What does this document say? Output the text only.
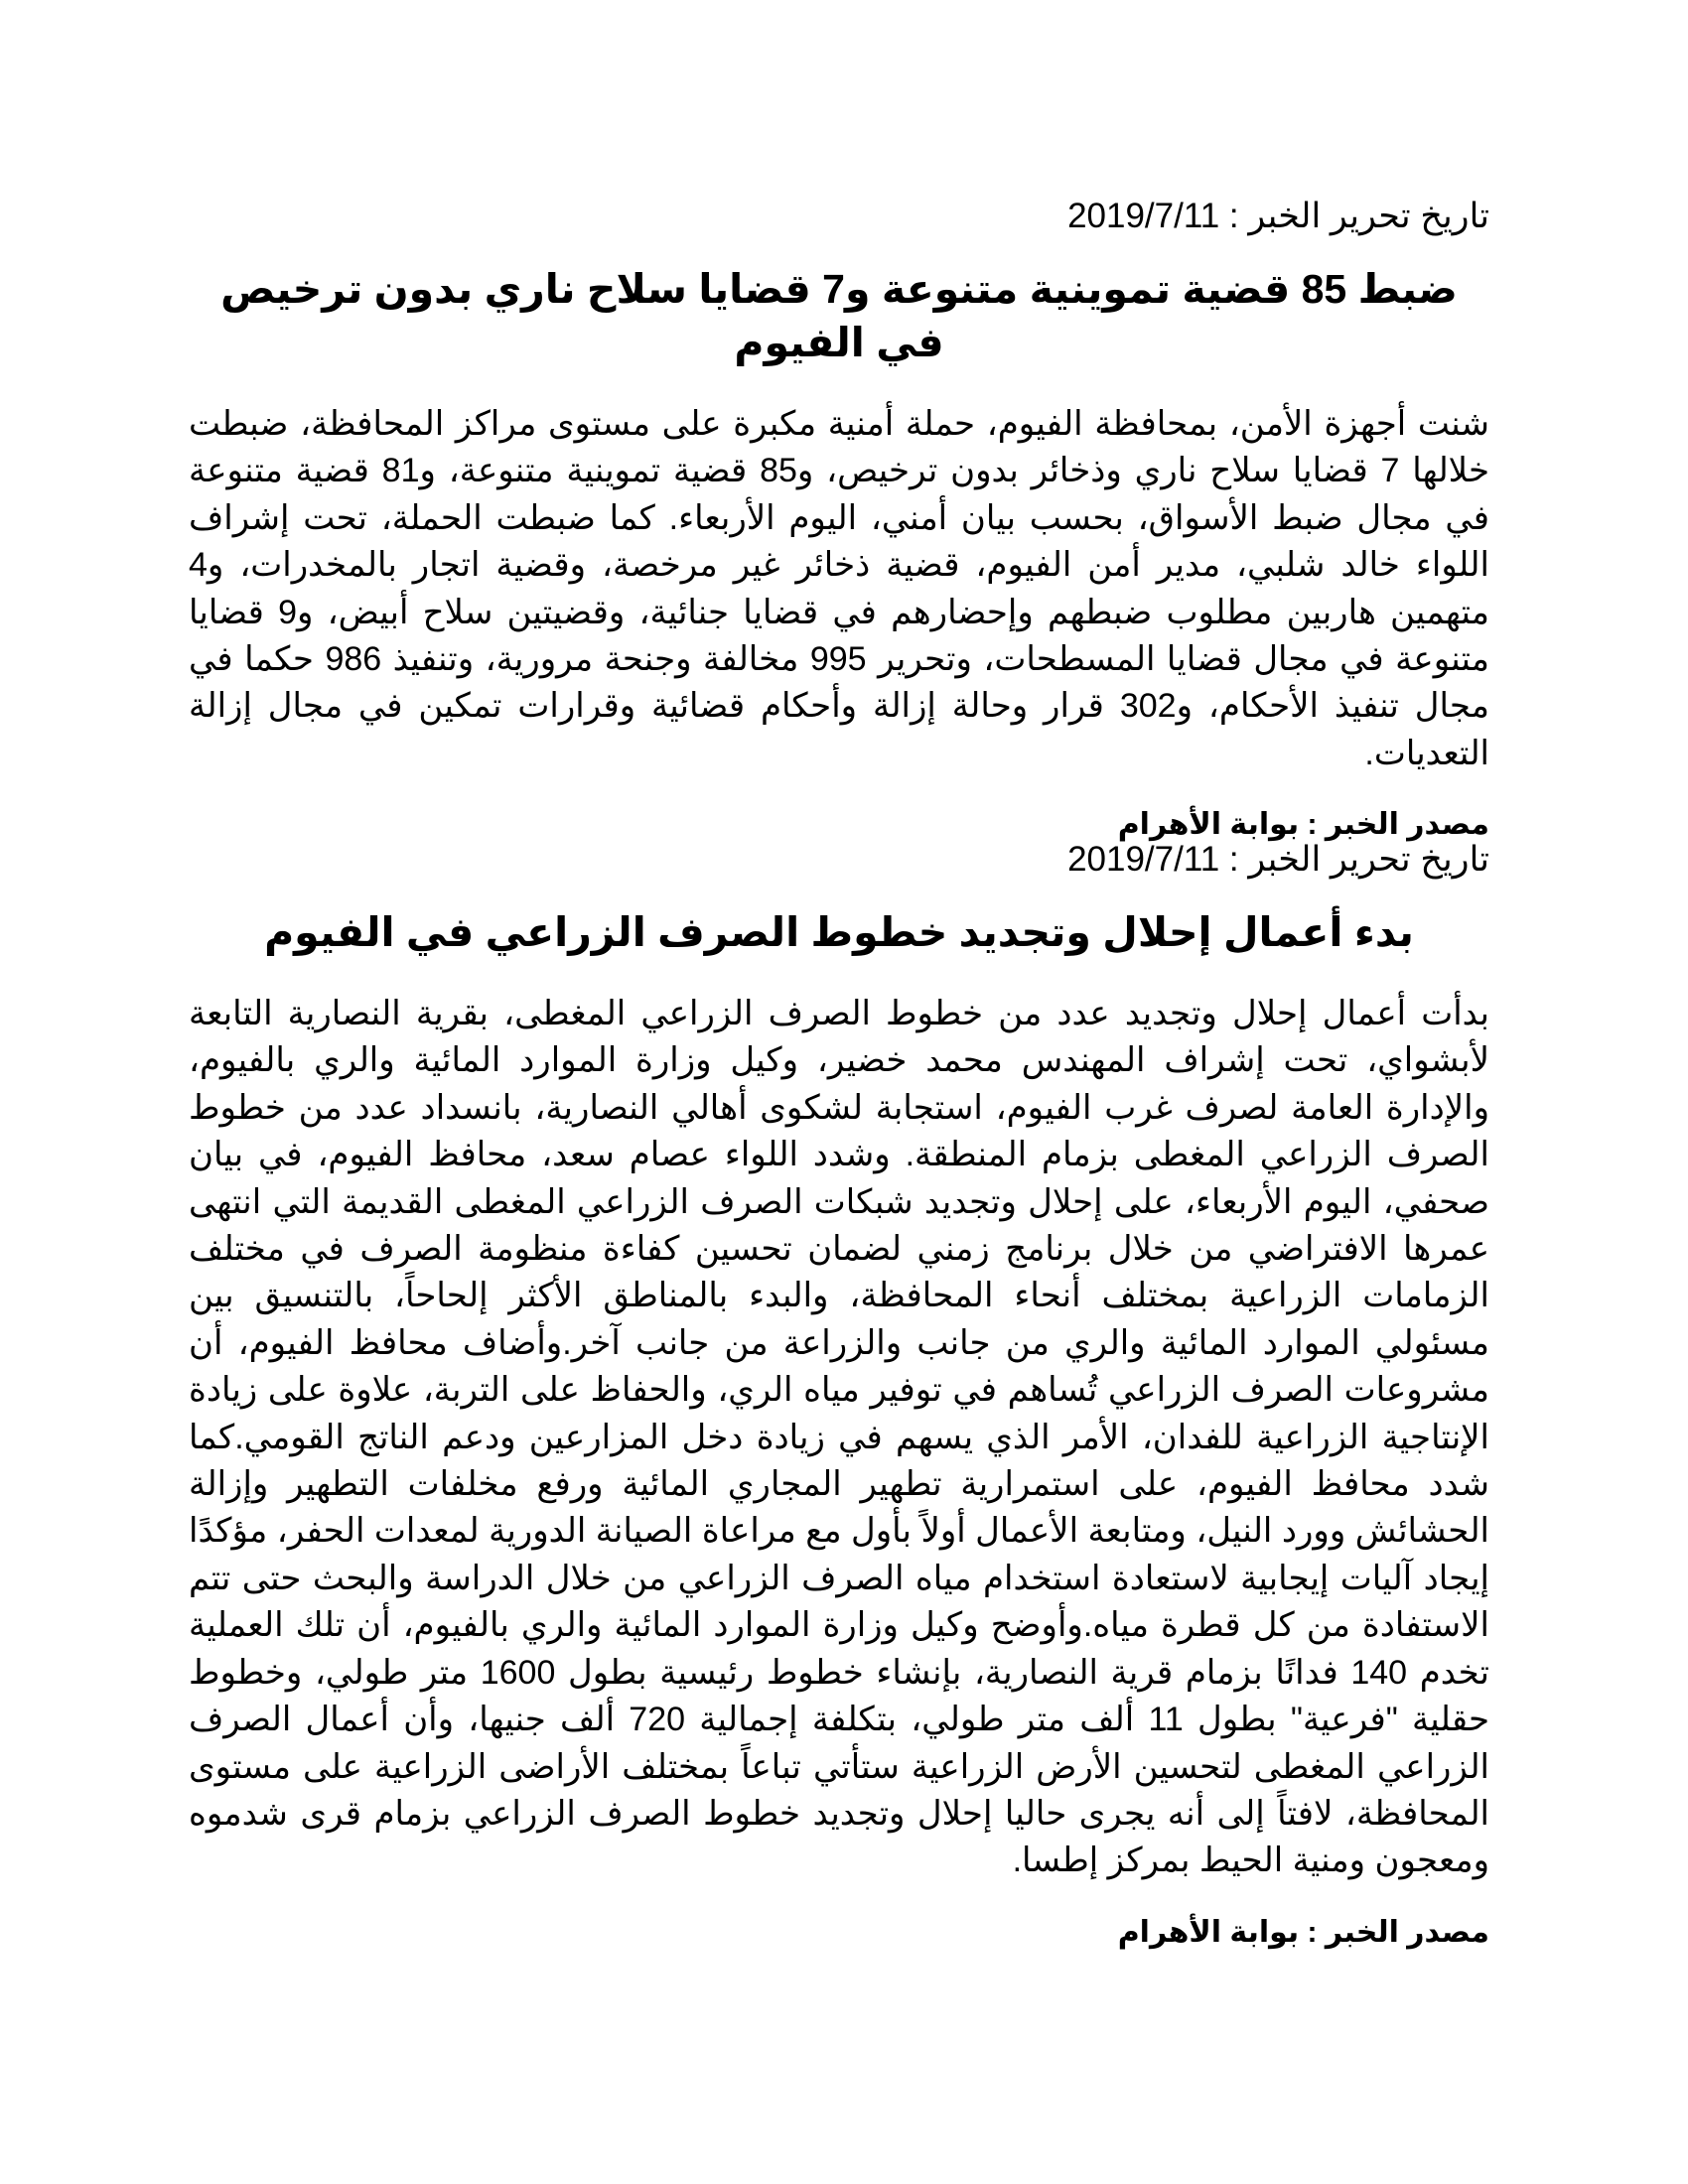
تاريخ تحرير الخبر : 2019/7/11
ضبط 85 قضية تموينية متنوعة و7 قضايا سلاح ناري بدون ترخيص في الفيوم

شنت أجهزة الأمن، بمحافظة الفيوم، حملة أمنية مكبرة على مستوى مراكز المحافظة، ضبطت خلالها 7 قضايا سلاح ناري وذخائر بدون ترخيص، و85 قضية تموينية متنوعة، و81 قضية متنوعة في مجال ضبط الأسواق، بحسب بيان أمني، اليوم الأربعاء. كما ضبطت الحملة، تحت إشراف اللواء خالد شلبي، مدير أمن الفيوم، قضية ذخائر غير مرخصة، وقضية اتجار بالمخدرات، و4 متهمين هاربين مطلوب ضبطهم وإحضارهم في قضايا جنائية، وقضيتين سلاح أبيض، و9 قضايا متنوعة في مجال قضايا المسطحات، وتحرير 995 مخالفة وجنحة مرورية، وتنفيذ 986 حكما في مجال تنفيذ الأحكام، و302 قرار وحالة إزالة وأحكام قضائية وقرارات تمكين في مجال إزالة التعديات.

مصدر الخبر : بوابة الأهرام
تاريخ تحرير الخبر : 2019/7/11
بدء أعمال إحلال وتجديد خطوط الصرف الزراعي في الفيوم

بدأت أعمال إحلال وتجديد عدد من خطوط الصرف الزراعي المغطى، بقرية النصارية التابعة لأبشواي، تحت إشراف المهندس محمد خضير، وكيل وزارة الموارد المائية والري بالفيوم، والإدارة العامة لصرف غرب الفيوم، استجابة لشكوى أهالي النصارية، بانسداد عدد من خطوط الصرف الزراعي المغطى بزمام المنطقة. وشدد اللواء عصام سعد، محافظ الفيوم، في بيان صحفي، اليوم الأربعاء، على إحلال وتجديد شبكات الصرف الزراعي المغطى القديمة التي انتهى عمرها الافتراضي من خلال برنامج زمني لضمان تحسين كفاءة منظومة الصرف في مختلف الزمامات الزراعية بمختلف أنحاء المحافظة، والبدء بالمناطق الأكثر إلحاحاً، بالتنسيق بين مسئولي الموارد المائية والري من جانب والزراعة من جانب آخر.وأضاف محافظ الفيوم، أن مشروعات الصرف الزراعي تُساهم في توفير مياه الري، والحفاظ على التربة، علاوة على زيادة الإنتاجية الزراعية للفدان، الأمر الذي يسهم في زيادة دخل المزارعين ودعم الناتج القومي.كما شدد محافظ الفيوم، على استمرارية تطهير المجاري المائية ورفع مخلفات التطهير وإزالة الحشائش وورد النيل، ومتابعة الأعمال أولاً بأول مع مراعاة الصيانة الدورية لمعدات الحفر، مؤكدًا إيجاد آليات إيجابية لاستعادة استخدام مياه الصرف الزراعي من خلال الدراسة والبحث حتى تتم الاستفادة من كل قطرة مياه.وأوضح وكيل وزارة الموارد المائية والري بالفيوم، أن تلك العملية تخدم 140 فدانًا بزمام قرية النصارية، بإنشاء خطوط رئيسية بطول 1600 متر طولي، وخطوط حقلية "فرعية" بطول 11 ألف متر طولي، بتكلفة إجمالية 720 ألف جنيها، وأن أعمال الصرف الزراعي المغطى لتحسين الأرض الزراعية ستأتي تباعاً بمختلف الأراضى الزراعية على مستوى المحافظة، لافتاً إلى أنه يجرى حاليا إحلال وتجديد خطوط الصرف الزراعي بزمام قرى شدموه ومعجون ومنية الحيط بمركز إطسا.

مصدر الخبر : بوابة الأهرام
